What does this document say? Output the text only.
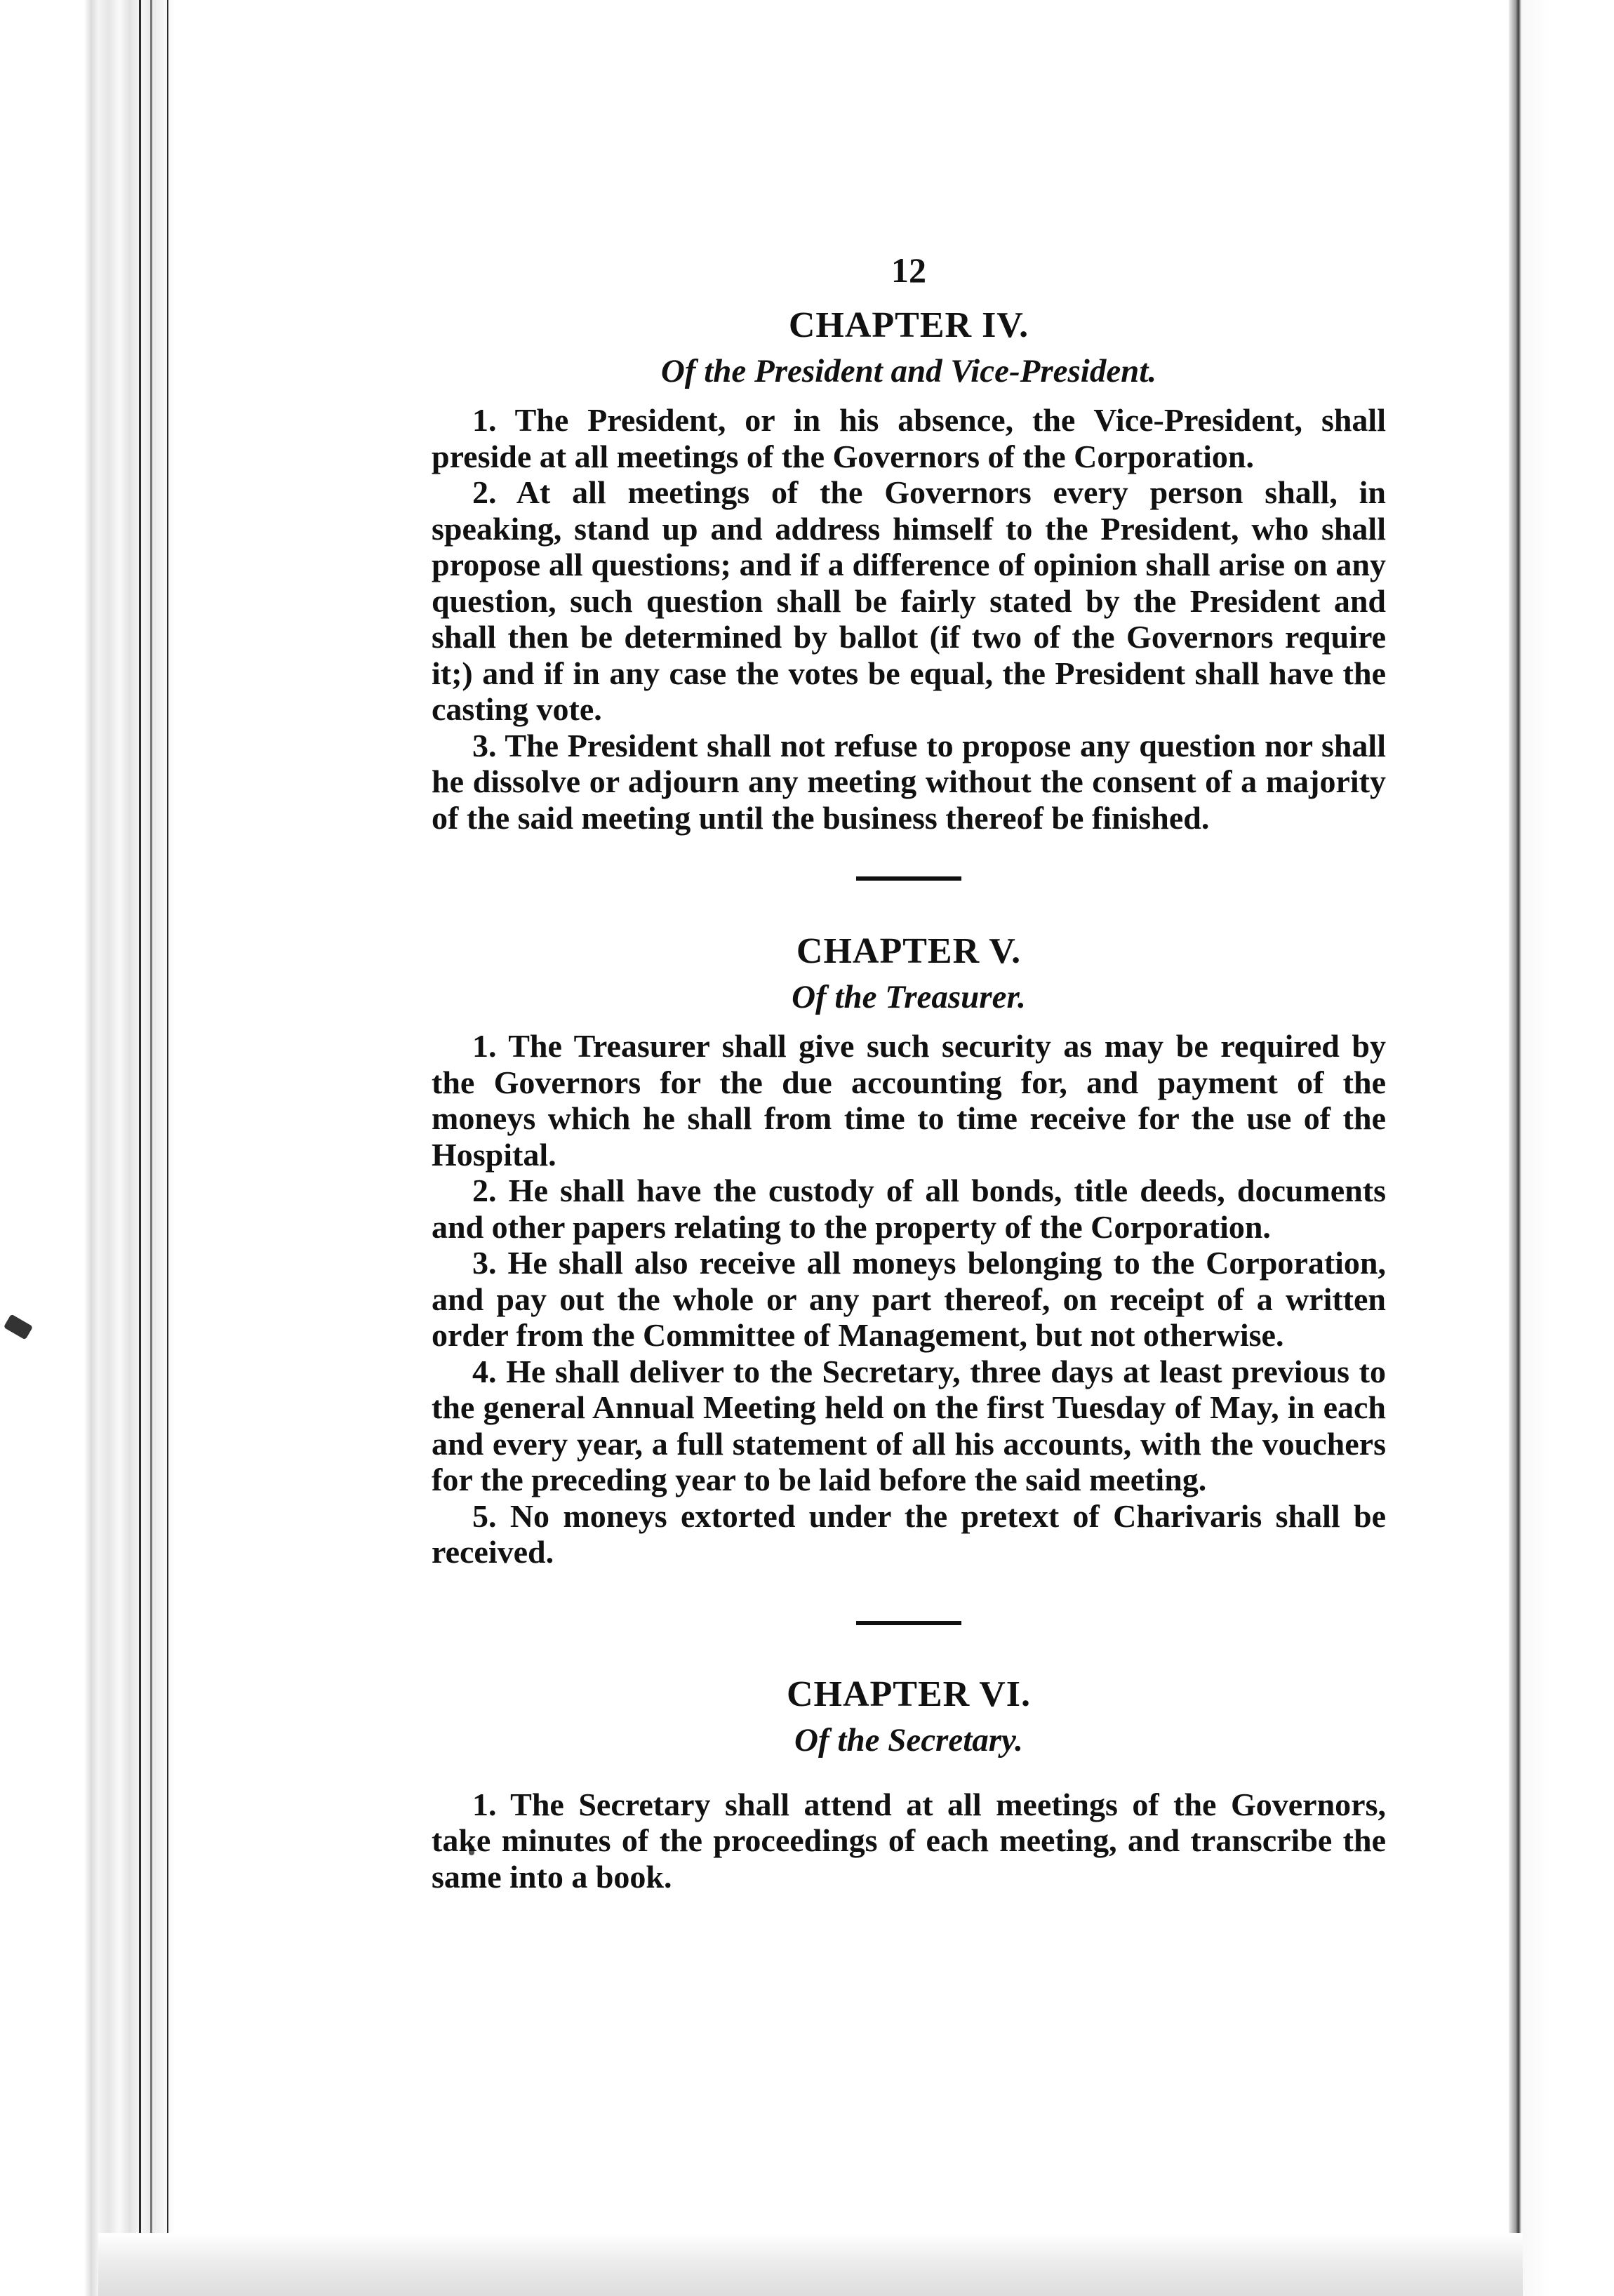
12
CHAPTER IV.
Of the President and Vice-President.

1. The President, or in his absence, the Vice-President, shall preside at all meetings of the Governors of the Corporation.

2. At all meetings of the Governors every person shall, in speaking, stand up and address himself to the President, who shall propose all questions; and if a difference of opinion shall arise on any question, such question shall be fairly stated by the President and shall then be determined by ballot (if two of the Governors require it;) and if in any case the votes be equal, the President shall have the casting vote.

3. The President shall not refuse to propose any question nor shall he dissolve or adjourn any meeting without the consent of a majority of the said meeting until the business thereof be finished.

CHAPTER V.
Of the Treasurer.

1. The Treasurer shall give such security as may be required by the Governors for the due accounting for, and payment of the moneys which he shall from time to time receive for the use of the Hospital.

2. He shall have the custody of all bonds, title deeds, documents and other papers relating to the property of the Corporation.

3. He shall also receive all moneys belonging to the Corporation, and pay out the whole or any part thereof, on receipt of a written order from the Committee of Management, but not otherwise.

4. He shall deliver to the Secretary, three days at least previous to the general Annual Meeting held on the first Tuesday of May, in each and every year, a full statement of all his accounts, with the vouchers for the preceding year to be laid before the said meeting.

5. No moneys extorted under the pretext of Charivaris shall be received.

CHAPTER VI.
Of the Secretary.

1. The Secretary shall attend at all meetings of the Governors, take minutes of the proceedings of each meeting, and transcribe the same into a book.
